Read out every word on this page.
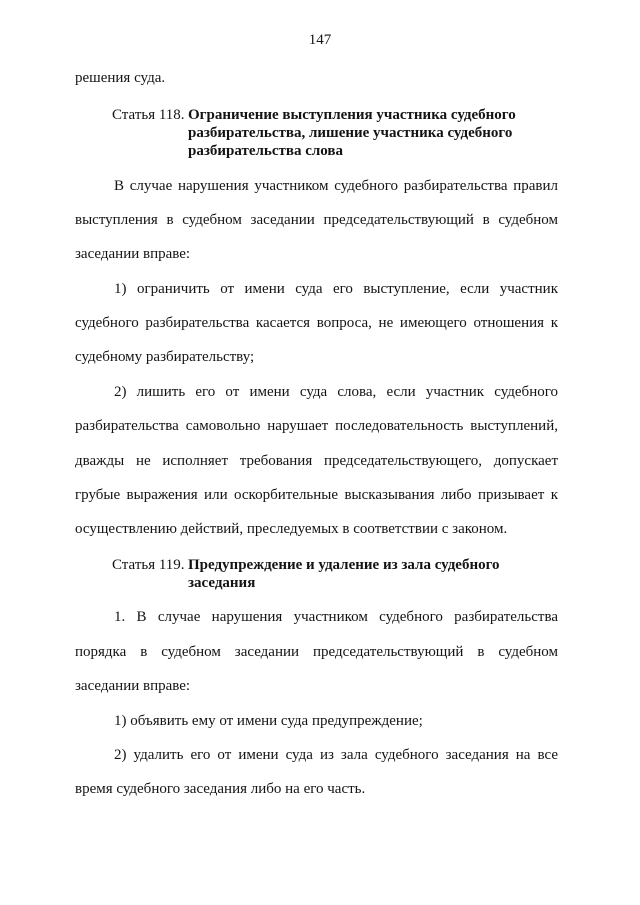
147
решения суда.
Статья 118. Ограничение выступления участника судебного
разбирательства, лишение участника судебного
разбирательства слова
В случае нарушения участником судебного разбирательства правил
выступления в судебном заседании председательствующий в судебном
заседании вправе:
1) ограничить от имени суда его выступление, если участник
судебного разбирательства касается вопроса, не имеющего отношения к
судебному разбирательству;
2) лишить его от имени суда слова, если участник судебного
разбирательства самовольно нарушает последовательность выступлений,
дважды не исполняет требования председательствующего, допускает
грубые выражения или оскорбительные высказывания либо призывает к
осуществлению действий, преследуемых в соответствии с законом.
Статья 119. Предупреждение и удаление из зала судебного
заседания
1. В случае нарушения участником судебного разбирательства
порядка в судебном заседании председательствующий в судебном
заседании вправе:
1) объявить ему от имени суда предупреждение;
2) удалить его от имени суда из зала судебного заседания на все
время судебного заседания либо на его часть.
